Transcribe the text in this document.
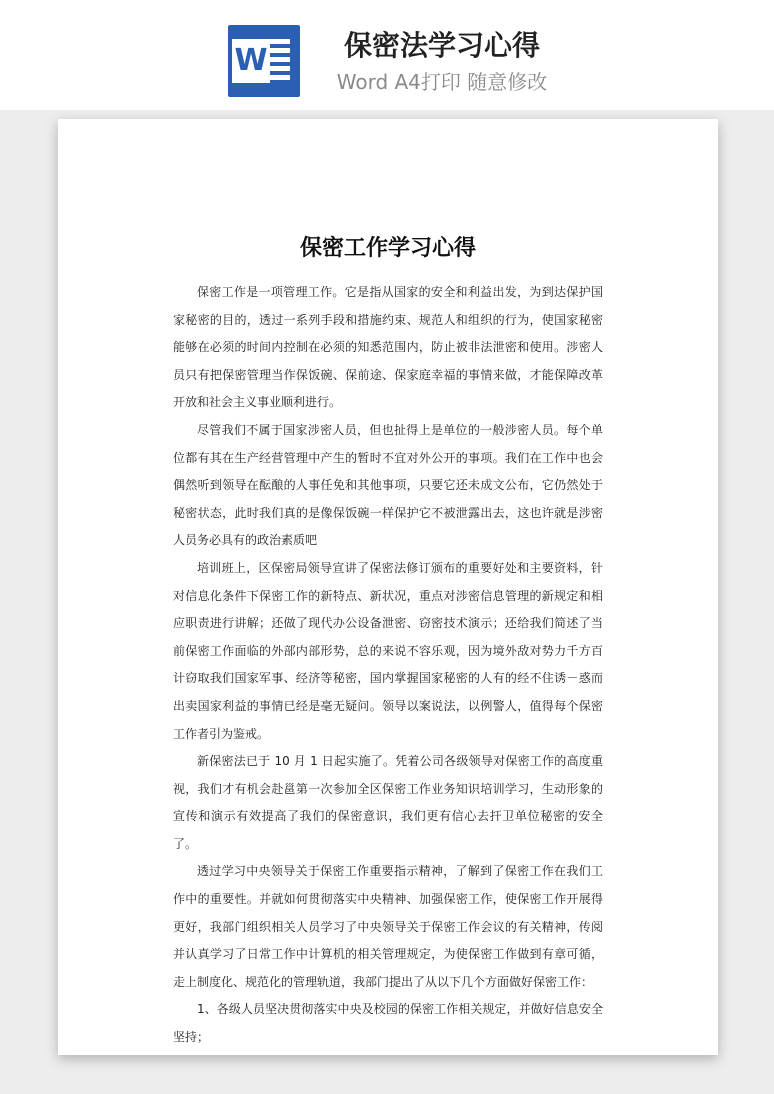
W	保密法学习心得
Word A4打印 随意修改
保密工作学习心得

保密工作是一项管理工作。它是指从国家的安全和利益出发，为到达保护国家秘密的目的，透过一系列手段和措施约束、规范人和组织的行为，使国家秘密能够在必须的时间内控制在必须的知悉范围内，防止被非法泄密和使用。涉密人员只有把保密管理当作保饭碗、保前途、保家庭幸福的事情来做，才能保障改革开放和社会主义事业顺利进行。

尽管我们不属于国家涉密人员，但也扯得上是单位的一般涉密人员。每个单位都有其在生产经营管理中产生的暂时不宜对外公开的事项。我们在工作中也会偶然听到领导在酝酿的人事任免和其他事项，只要它还未成文公布，它仍然处于秘密状态，此时我们真的是像保饭碗一样保护它不被泄露出去，这也许就是涉密人员务必具有的政治素质吧

培训班上，区保密局领导宣讲了保密法修订颁布的重要好处和主要资料，针对信息化条件下保密工作的新特点、新状况，重点对涉密信息管理的新规定和相应职责进行讲解；还做了现代办公设备泄密、窃密技术演示；还给我们简述了当前保密工作面临的外部内部形势，总的来说不容乐观，因为境外敌对势力千方百计窃取我们国家军事、经济等秘密，国内掌握国家秘密的人有的经不住诱－惑而出卖国家利益的事情已经是毫无疑问。领导以案说法，以例警人，值得每个保密工作者引为鉴戒。

新保密法已于 10 月 1 日起实施了。凭着公司各级领导对保密工作的高度重视，我们才有机会赴邕第一次参加全区保密工作业务知识培训学习，生动形象的宣传和演示有效提高了我们的保密意识，我们更有信心去扞卫单位秘密的安全了。

透过学习中央领导关于保密工作重要指示精神，了解到了保密工作在我们工作中的重要性。并就如何贯彻落实中央精神、加强保密工作，使保密工作开展得更好，我部门组织相关人员学习了中央领导关于保密工作会议的有关精神，传阅并认真学习了日常工作中计算机的相关管理规定，为使保密工作做到有章可循，走上制度化、规范化的管理轨道，我部门提出了从以下几个方面做好保密工作：

1、各级人员坚决贯彻落实中央及校园的保密工作相关规定，并做好信息安全坚持；
